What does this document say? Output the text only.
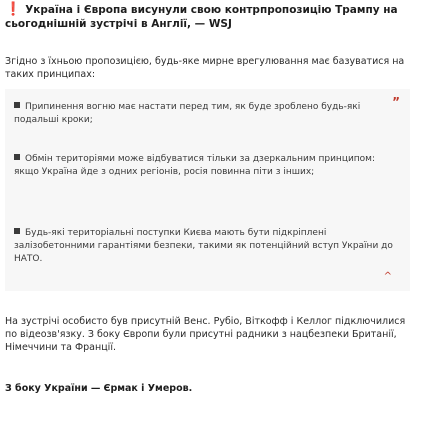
❗ Україна і Європа висунули свою контрпропозицію Трампу на сьогоднішній зустрічі в Англії, — WSJ
Згідно з їхньою пропозицією, будь-яке мирне врегулювання має базуватися на таких принципах:
”
Припинення вогню має настати перед тим, як буде зроблено будь-які подальші кроки;
Обмін територіями може відбуватися тільки за дзеркальним принципом: якщо Україна йде з одних регіонів, росія повинна піти з інших;
Будь-які територіальні поступки Києва мають бути підкріплені залізобетонними гарантіями безпеки, такими як потенційний вступ України до НАТО.
^
На зустрічі особисто був присутній Венс. Рубіо, Віткофф і Келлог підключилися по відеозв'язку. З боку Європи були присутні радники з нацбезпеки Британії, Німеччини та Франції.
З боку України — Єрмак і Умеров.
